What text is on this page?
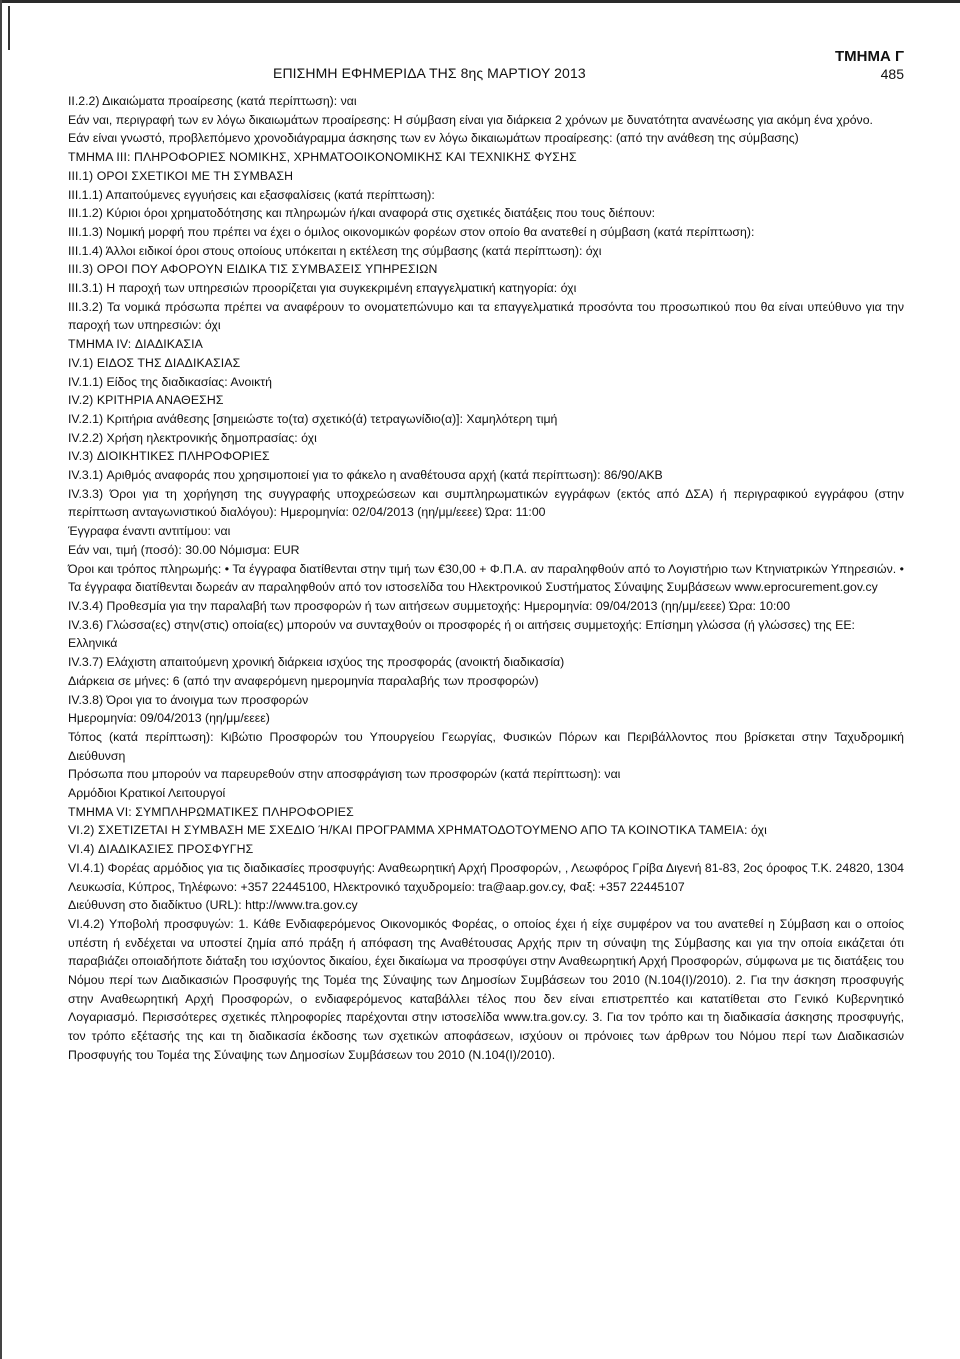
ΤΜΗΜΑ Γ
ΕΠΙΣΗΜΗ ΕΦΗΜΕΡΙΔΑ ΤΗΣ 8ης ΜΑΡΤΙΟΥ 2013	485

ΙΙ.2.2) Δικαιώματα προαίρεσης (κατά περίπτωση): ναι

Εάν ναι, περιγραφή των εν λόγω δικαιωμάτων προαίρεσης: Η σύμβαση είναι για διάρκεια 2 χρόνων με δυνατότητα ανανέωσης για ακόμη ένα χρόνο.

Εάν είναι γνωστό, προβλεπόμενο χρονοδιάγραμμα άσκησης των εν λόγω δικαιωμάτων προαίρεσης: (από την ανάθεση της σύμβασης)

ΤΜΗΜΑ ΙΙΙ: ΠΛΗΡΟΦΟΡΙΕΣ ΝΟΜΙΚΗΣ, ΧΡΗΜΑΤΟΟΙΚΟΝΟΜΙΚΗΣ ΚΑΙ ΤΕΧΝΙΚΗΣ ΦΥΣΗΣ

ΙΙΙ.1) ΟΡΟΙ ΣΧΕΤΙΚΟΙ ΜΕ ΤΗ ΣΥΜΒΑΣΗ

ΙΙΙ.1.1) Απαιτούμενες εγγυήσεις και εξασφαλίσεις (κατά περίπτωση):

ΙΙΙ.1.2) Κύριοι όροι χρηματοδότησης και πληρωμών ή/και αναφορά στις σχετικές διατάξεις που τους διέπουν:

ΙΙΙ.1.3) Νομική μορφή που πρέπει να έχει ο όμιλος οικονομικών φορέων στον οποίο θα ανατεθεί η σύμβαση (κατά περίπτωση):

ΙΙΙ.1.4) Άλλοι ειδικοί όροι στους οποίους υπόκειται η εκτέλεση της σύμβασης (κατά περίπτωση): όχι

ΙΙΙ.3) ΟΡΟΙ ΠΟΥ ΑΦΟΡΟΥΝ ΕΙΔΙΚΑ ΤΙΣ ΣΥΜΒΑΣΕΙΣ ΥΠΗΡΕΣΙΩΝ

ΙΙΙ.3.1) Η παροχή των υπηρεσιών προορίζεται για συγκεκριμένη επαγγελματική κατηγορία: όχι

ΙΙΙ.3.2) Τα νομικά πρόσωπα πρέπει να αναφέρουν το ονοματεπώνυμο και τα επαγγελματικά προσόντα του προσωπικού που θα είναι υπεύθυνο για την παροχή των υπηρεσιών: όχι

ΤΜΗΜΑ ΙV: ΔΙΑΔΙΚΑΣΙΑ

ΙV.1) ΕΙΔΟΣ ΤΗΣ ΔΙΑΔΙΚΑΣΙΑΣ

ΙV.1.1) Είδος της διαδικασίας: Ανοικτή

ΙV.2) ΚΡΙΤΗΡΙΑ ΑΝΑΘΕΣΗΣ

ΙV.2.1) Κριτήρια ανάθεσης [σημειώστε το(τα) σχετικό(ά) τετραγωνίδιο(α)]: Χαμηλότερη τιμή

ΙV.2.2) Χρήση ηλεκτρονικής δημοπρασίας: όχι

ΙV.3) ΔΙΟΙΚΗΤΙΚΕΣ ΠΛΗΡΟΦΟΡΙΕΣ

ΙV.3.1) Αριθμός αναφοράς που χρησιμοποιεί για το φάκελο η αναθέτουσα αρχή (κατά περίπτωση): 86/90/ΑΚΒ

ΙV.3.3) Όροι για τη χορήγηση της συγγραφής υποχρεώσεων και συμπληρωματικών εγγράφων (εκτός από ΔΣΑ) ή περιγραφικού εγγράφου (στην περίπτωση ανταγωνιστικού διαλόγου): Ημερομηνία: 02/04/2013 (ηη/μμ/εεεε) Ώρα: 11:00

Έγγραφα έναντι αντιτίμου: ναι

Εάν ναι, τιμή (ποσό): 30.00 Νόμισμα: EUR

Όροι και τρόπος πληρωμής: • Τα έγγραφα διατίθενται στην τιμή των €30,00 + Φ.Π.Α. αν παραληφθούν από το Λογιστήριο των Κτηνιατρικών Υπηρεσιών. • Τα έγγραφα διατίθενται δωρεάν αν παραληφθούν από τον ιστοσελίδα του Ηλεκτρονικού Συστήματος Σύναψης Συμβάσεων www.eprocurement.gov.cy

ΙV.3.4) Προθεσμία για την παραλαβή των προσφορών ή των αιτήσεων συμμετοχής: Ημερομηνία: 09/04/2013 (ηη/μμ/εεεε) Ώρα: 10:00

ΙV.3.6) Γλώσσα(ες) στην(στις) οποία(ες) μπορούν να συνταχθούν οι προσφορές ή οι αιτήσεις συμμετοχής: Επίσημη γλώσσα (ή γλώσσες) της ΕΕ:

Ελληνικά

ΙV.3.7) Ελάχιστη απαιτούμενη χρονική διάρκεια ισχύος της προσφοράς (ανοικτή διαδικασία)

Διάρκεια σε μήνες: 6 (από την αναφερόμενη ημερομηνία παραλαβής των προσφορών)

ΙV.3.8) Όροι για το άνοιγμα των προσφορών

Ημερομηνία: 09/04/2013 (ηη/μμ/εεεε)

Τόπος (κατά περίπτωση): Κιβώτιο Προσφορών του Υπουργείου Γεωργίας, Φυσικών Πόρων και Περιβάλλοντος που βρίσκεται στην Ταχυδρομική Διεύθυνση

Πρόσωπα που μπορούν να παρευρεθούν στην αποσφράγιση των προσφορών (κατά περίπτωση): ναι

Αρμόδιοι Κρατικοί Λειτουργοί

ΤΜΗΜΑ VI: ΣΥΜΠΛΗΡΩΜΑΤΙΚΕΣ ΠΛΗΡΟΦΟΡΙΕΣ

VI.2) ΣΧΕΤΙΖΕΤΑΙ Η ΣΥΜΒΑΣΗ ΜΕ ΣΧΕΔΙΟ Ή/ΚΑΙ ΠΡΟΓΡΑΜΜΑ ΧΡΗΜΑΤΟΔΟΤΟΥΜΕΝΟ ΑΠΟ ΤΑ ΚΟΙΝΟΤΙΚΑ ΤΑΜΕΙΑ: όχι

VI.4) ΔΙΑΔΙΚΑΣΙΕΣ ΠΡΟΣΦΥΓΗΣ

VI.4.1) Φορέας αρμόδιος για τις διαδικασίες προσφυγής: Αναθεωρητική Αρχή Προσφορών, , Λεωφόρος Γρίβα Διγενή 81-83, 2ος όροφος Τ.Κ. 24820, 1304 Λευκωσία, Κύπρος, Τηλέφωνο: +357 22445100, Ηλεκτρονικό ταχυδρομείο: tra@aap.gov.cy, Φαξ: +357 22445107

Διεύθυνση στο διαδίκτυο (URL): http://www.tra.gov.cy

VI.4.2) Υποβολή προσφυγών: 1. Κάθε Ενδιαφερόμενος Οικονομικός Φορέας, ο οποίος έχει ή είχε συμφέρον να του ανατεθεί η Σύμβαση και ο οποίος υπέστη ή ενδέχεται να υποστεί ζημία από πράξη ή απόφαση της Αναθέτουσας Αρχής πριν τη σύναψη της Σύμβασης και για την οποία εικάζεται ότι παραβιάζει οποιαδήποτε διάταξη του ισχύοντος δικαίου, έχει δικαίωμα να προσφύγει στην Αναθεωρητική Αρχή Προσφορών, σύμφωνα με τις διατάξεις του Νόμου περί των Διαδικασιών Προσφυγής της Τομέα της Σύναψης των Δημοσίων Συμβάσεων του 2010 (Ν.104(Ι)/2010). 2. Για την άσκηση προσφυγής στην Αναθεωρητική Αρχή Προσφορών, ο ενδιαφερόμενος καταβάλλει τέλος που δεν είναι επιστρεπτέο και κατατίθεται στο Γενικό Κυβερνητικό Λογαριασμό. Περισσότερες σχετικές πληροφορίες παρέχονται στην ιστοσελίδα www.tra.gov.cy. 3. Για τον τρόπο και τη διαδικασία άσκησης προσφυγής, τον τρόπο εξέτασής της και τη διαδικασία έκδοσης των σχετικών αποφάσεων, ισχύουν οι πρόνοιες των άρθρων του Νόμου περί των Διαδικασιών Προσφυγής του Τομέα της Σύναψης των Δημοσίων Συμβάσεων του 2010 (Ν.104(Ι)/2010).
